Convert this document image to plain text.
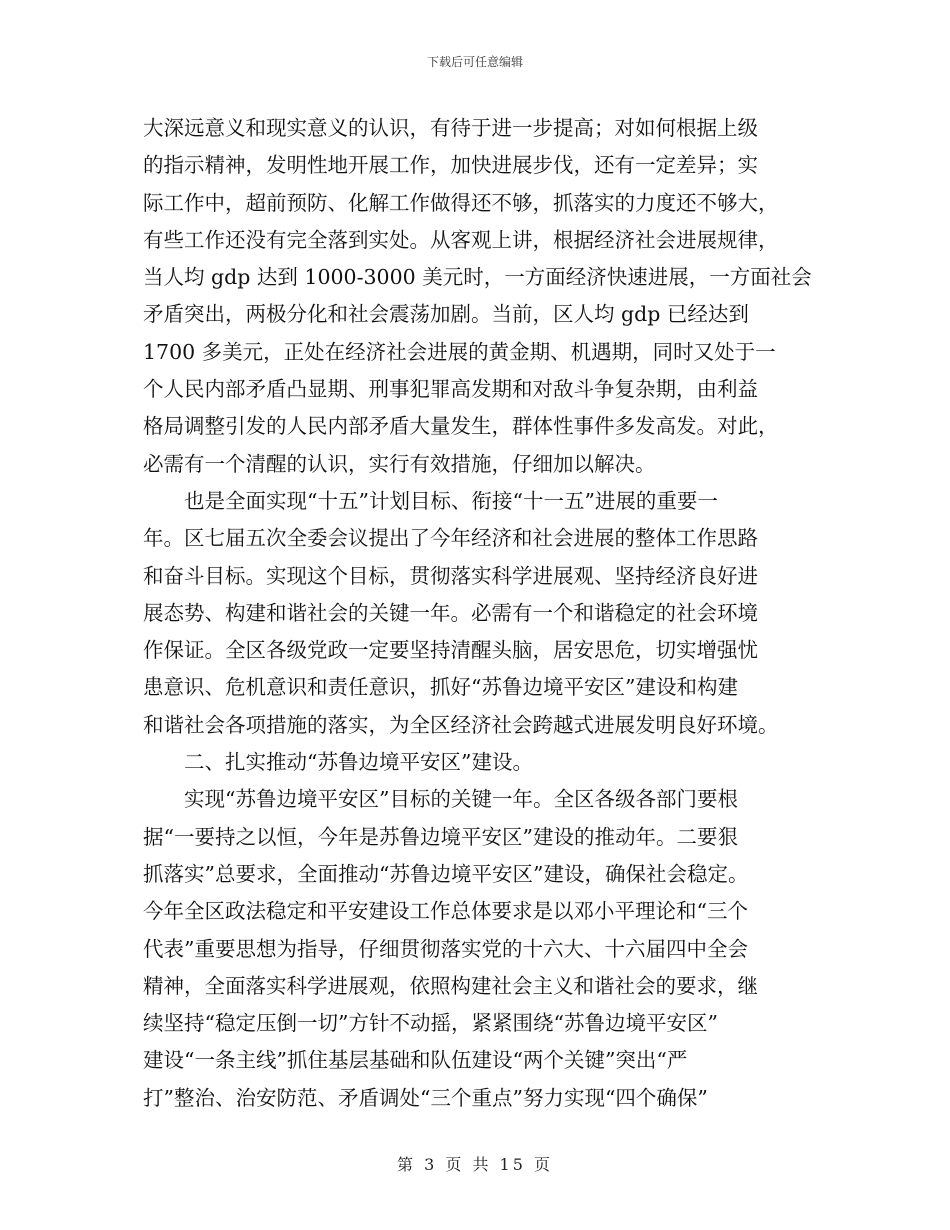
下载后可任意编辑
大深远意义和现实意义的认识，有待于进一步提高；对如何根据上级
的指示精神，发明性地开展工作，加快进展步伐，还有一定差异；实
际工作中，超前预防、化解工作做得还不够，抓落实的力度还不够大，
有些工作还没有完全落到实处。从客观上讲，根据经济社会进展规律，
当人均 gdp 达到 1000-3000 美元时，一方面经济快速进展，一方面社会
矛盾突出，两极分化和社会震荡加剧。当前，区人均 gdp 已经达到
1700 多美元，正处在经济社会进展的黄金期、机遇期，同时又处于一
个人民内部矛盾凸显期、刑事犯罪高发期和对敌斗争复杂期，由利益
格局调整引发的人民内部矛盾大量发生，群体性事件多发高发。对此，
必需有一个清醒的认识，实行有效措施，仔细加以解决。
　　也是全面实现“十五”计划目标、衔接“十一五”进展的重要一
年。区七届五次全委会议提出了今年经济和社会进展的整体工作思路
和奋斗目标。实现这个目标，贯彻落实科学进展观、坚持经济良好进
展态势、构建和谐社会的关键一年。必需有一个和谐稳定的社会环境
作保证。全区各级党政一定要坚持清醒头脑，居安思危，切实增强忧
患意识、危机意识和责任意识，抓好“苏鲁边境平安区”建设和构建
和谐社会各项措施的落实，为全区经济社会跨越式进展发明良好环境。
　　二、扎实推动“苏鲁边境平安区”建设。
　　实现“苏鲁边境平安区”目标的关键一年。全区各级各部门要根
据“一要持之以恒，今年是苏鲁边境平安区”建设的推动年。二要狠
抓落实”总要求，全面推动“苏鲁边境平安区”建设，确保社会稳定。
今年全区政法稳定和平安建设工作总体要求是以邓小平理论和“三个
代表”重要思想为指导，仔细贯彻落实党的十六大、十六届四中全会
精神，全面落实科学进展观，依照构建社会主义和谐社会的要求，继
续坚持“稳定压倒一切”方针不动摇，紧紧围绕“苏鲁边境平安区”
建设“一条主线”抓住基层基础和队伍建设“两个关键”突出“严
打”整治、治安防范、矛盾调处“三个重点”努力实现“四个确保”
第 3 页 共 15 页
